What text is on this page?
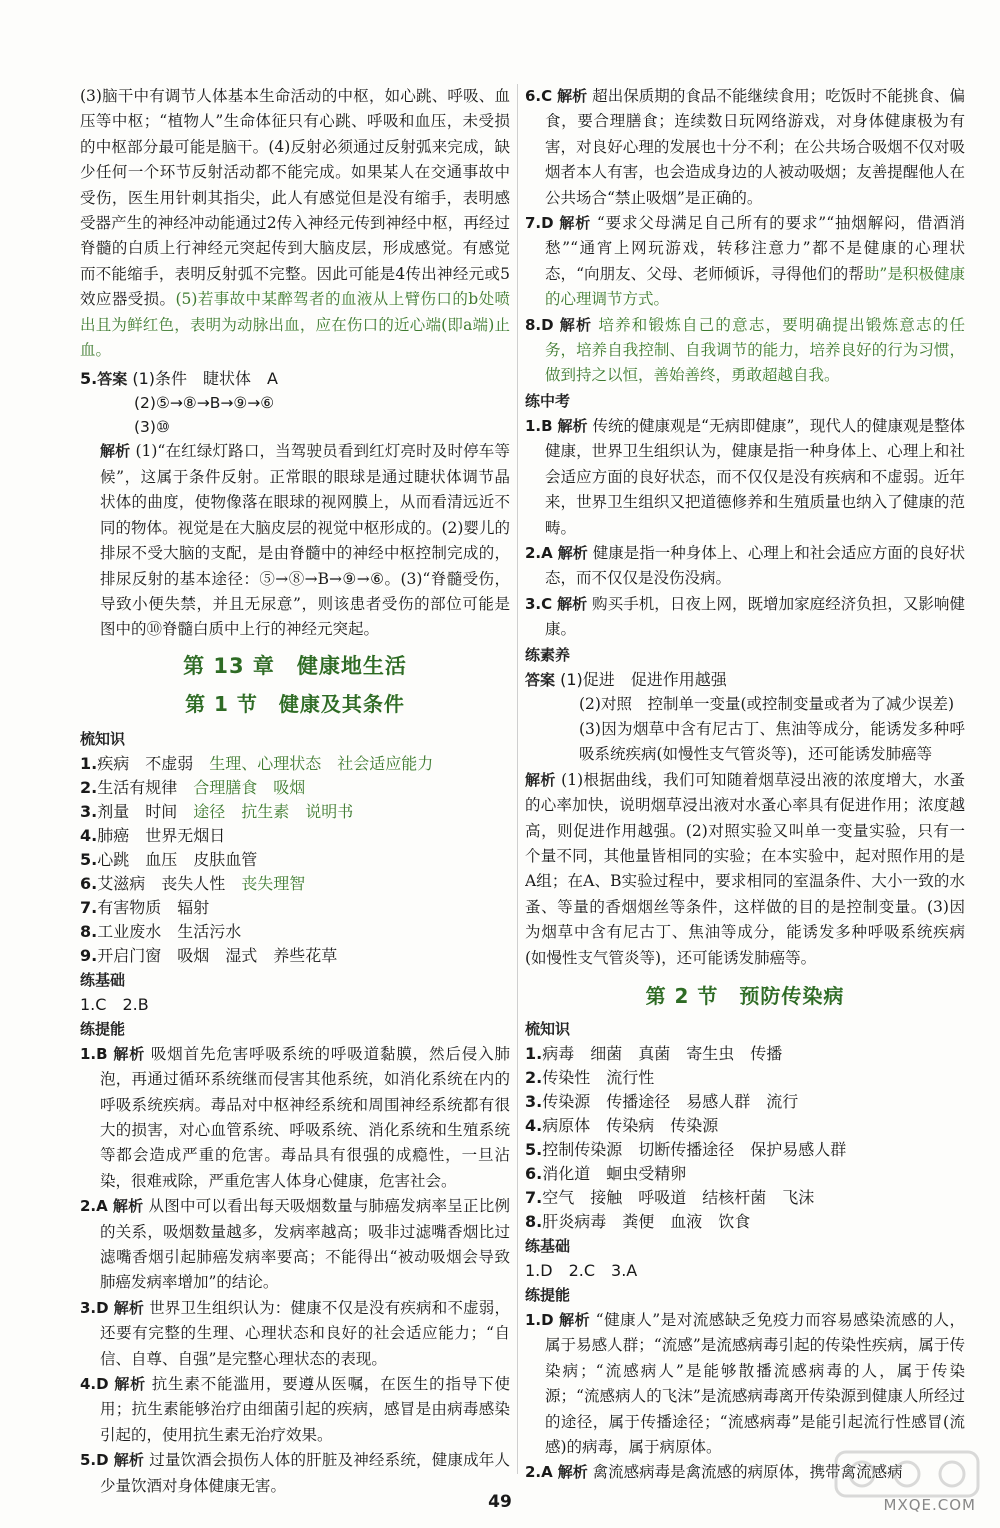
(3)脑干中有调节人体基本生命活动的中枢，如心跳、呼吸、血压等中枢；“植物人”生命体征只有心跳、呼吸和血压，未受损的中枢部分最可能是脑干。(4)反射必须通过反射弧来完成，缺少任何一个环节反射活动都不能完成。如果某人在交通事故中受伤，医生用针刺其指尖，此人有感觉但是没有缩手，表明感受器产生的神经冲动能通过2传入神经元传到神经中枢，再经过脊髓的白质上行神经元突起传到大脑皮层，形成感觉。有感觉而不能缩手，表明反射弧不完整。因此可能是4传出神经元或5效应器受损。(5)若事故中某醉驾者的血液从上臂伤口的b处喷出且为鲜红色，表明为动脉出血，应在伤口的近心端(即a端)止血。

5.答案 (1)条件　睫状体　A

(2)⑤→⑧→B→⑨→⑥

(3)⑩

解析 (1)“在红绿灯路口，当驾驶员看到红灯亮时及时停车等候”，这属于条件反射。正常眼的眼球是通过睫状体调节晶状体的曲度，使物像落在眼球的视网膜上，从而看清远近不同的物体。视觉是在大脑皮层的视觉中枢形成的。(2)婴儿的排尿不受大脑的支配，是由脊髓中的神经中枢控制完成的，排尿反射的基本途径：⑤→⑧→B→⑨→⑥。(3)“脊髓受伤，导致小便失禁，并且无尿意”，则该患者受伤的部位可能是图中的⑩脊髓白质中上行的神经元突起。

第 13 章　健康地生活
第 1 节　健康及其条件
梳知识

1.疾病　不虚弱　生理、心理状态　社会适应能力

2.生活有规律　合理膳食　吸烟

3.剂量　时间　途径　抗生素　说明书

4.肺癌　世界无烟日

5.心跳　血压　皮肤血管

6.艾滋病　丧失人性　丧失理智

7.有害物质　辐射

8.工业废水　生活污水

9.开启门窗　吸烟　湿式　养些花草

练基础

1.C　2.B

练提能

1.B 解析 吸烟首先危害呼吸系统的呼吸道黏膜，然后侵入肺泡，再通过循环系统继而侵害其他系统，如消化系统在内的呼吸系统疾病。毒品对中枢神经系统和周围神经系统都有很大的损害，对心血管系统、呼吸系统、消化系统和生殖系统等都会造成严重的危害。毒品具有很强的成瘾性，一旦沾染，很难戒除，严重危害人体身心健康，危害社会。

2.A 解析 从图中可以看出每天吸烟数量与肺癌发病率呈正比例的关系，吸烟数量越多，发病率越高；吸非过滤嘴香烟比过滤嘴香烟引起肺癌发病率要高；不能得出“被动吸烟会导致肺癌发病率增加”的结论。

3.D 解析 世界卫生组织认为：健康不仅是没有疾病和不虚弱，还要有完整的生理、心理状态和良好的社会适应能力；“自信、自尊、自强”是完整心理状态的表现。

4.D 解析 抗生素不能滥用，要遵从医嘱，在医生的指导下使用；抗生素能够治疗由细菌引起的疾病，感冒是由病毒感染引起的，使用抗生素无治疗效果。

5.D 解析 过量饮酒会损伤人体的肝脏及神经系统，健康成年人少量饮酒对身体健康无害。

6.C 解析 超出保质期的食品不能继续食用；吃饭时不能挑食、偏食，要合理膳食；连续数日玩网络游戏，对身体健康极为有害，对良好心理的发展也十分不利；在公共场合吸烟不仅对吸烟者本人有害，也会造成身边的人被动吸烟；友善提醒他人在公共场合“禁止吸烟”是正确的。

7.D 解析 “要求父母满足自己所有的要求”“抽烟解闷，借酒消愁”“通宵上网玩游戏，转移注意力”都不是健康的心理状态，“向朋友、父母、老师倾诉，寻得他们的帮助”是积极健康的心理调节方式。

8.D 解析 培养和锻炼自己的意志，要明确提出锻炼意志的任务，培养自我控制、自我调节的能力，培养良好的行为习惯，做到持之以恒，善始善终，勇敢超越自我。

练中考

1.B 解析 传统的健康观是“无病即健康”，现代人的健康观是整体健康，世界卫生组织认为，健康是指一种身体上、心理上和社会适应方面的良好状态，而不仅仅是没有疾病和不虚弱。近年来，世界卫生组织又把道德修养和生殖质量也纳入了健康的范畴。

2.A 解析 健康是指一种身体上、心理上和社会适应方面的良好状态，而不仅仅是没伤没病。

3.C 解析 购买手机，日夜上网，既增加家庭经济负担，又影响健康。

练素养

答案 (1)促进　促进作用越强

(2)对照　控制单一变量(或控制变量或者为了减少误差)

(3)因为烟草中含有尼古丁、焦油等成分，能诱发多种呼吸系统疾病(如慢性支气管炎等)，还可能诱发肺癌等

解析 (1)根据曲线，我们可知随着烟草浸出液的浓度增大，水蚤的心率加快，说明烟草浸出液对水蚤心率具有促进作用；浓度越高，则促进作用越强。(2)对照实验又叫单一变量实验，只有一个量不同，其他量皆相同的实验；在本实验中，起对照作用的是A组；在A、B实验过程中，要求相同的室温条件、大小一致的水蚤、等量的香烟烟丝等条件，这样做的目的是控制变量。(3)因为烟草中含有尼古丁、焦油等成分，能诱发多种呼吸系统疾病(如慢性支气管炎等)，还可能诱发肺癌等。

第 2 节　预防传染病
梳知识

1.病毒　细菌　真菌　寄生虫　传播

2.传染性　流行性

3.传染源　传播途径　易感人群　流行

4.病原体　传染病　传染源

5.控制传染源　切断传播途径　保护易感人群

6.消化道　蛔虫受精卵

7.空气　接触　呼吸道　结核杆菌　飞沫

8.肝炎病毒　粪便　血液　饮食

练基础

1.D　2.C　3.A

练提能

1.D 解析 “健康人”是对流感缺乏免疫力而容易感染流感的人，属于易感人群；“流感”是流感病毒引起的传染性疾病，属于传染病；“流感病人”是能够散播流感病毒的人，属于传染源；“流感病人的飞沫”是流感病毒离开传染源到健康人所经过的途径，属于传播途径；“流感病毒”是能引起流行性感冒(流感)的病毒，属于病原体。

2.A 解析 禽流感病毒是禽流感的病原体，携带禽流感病

49	MXQE.COM
